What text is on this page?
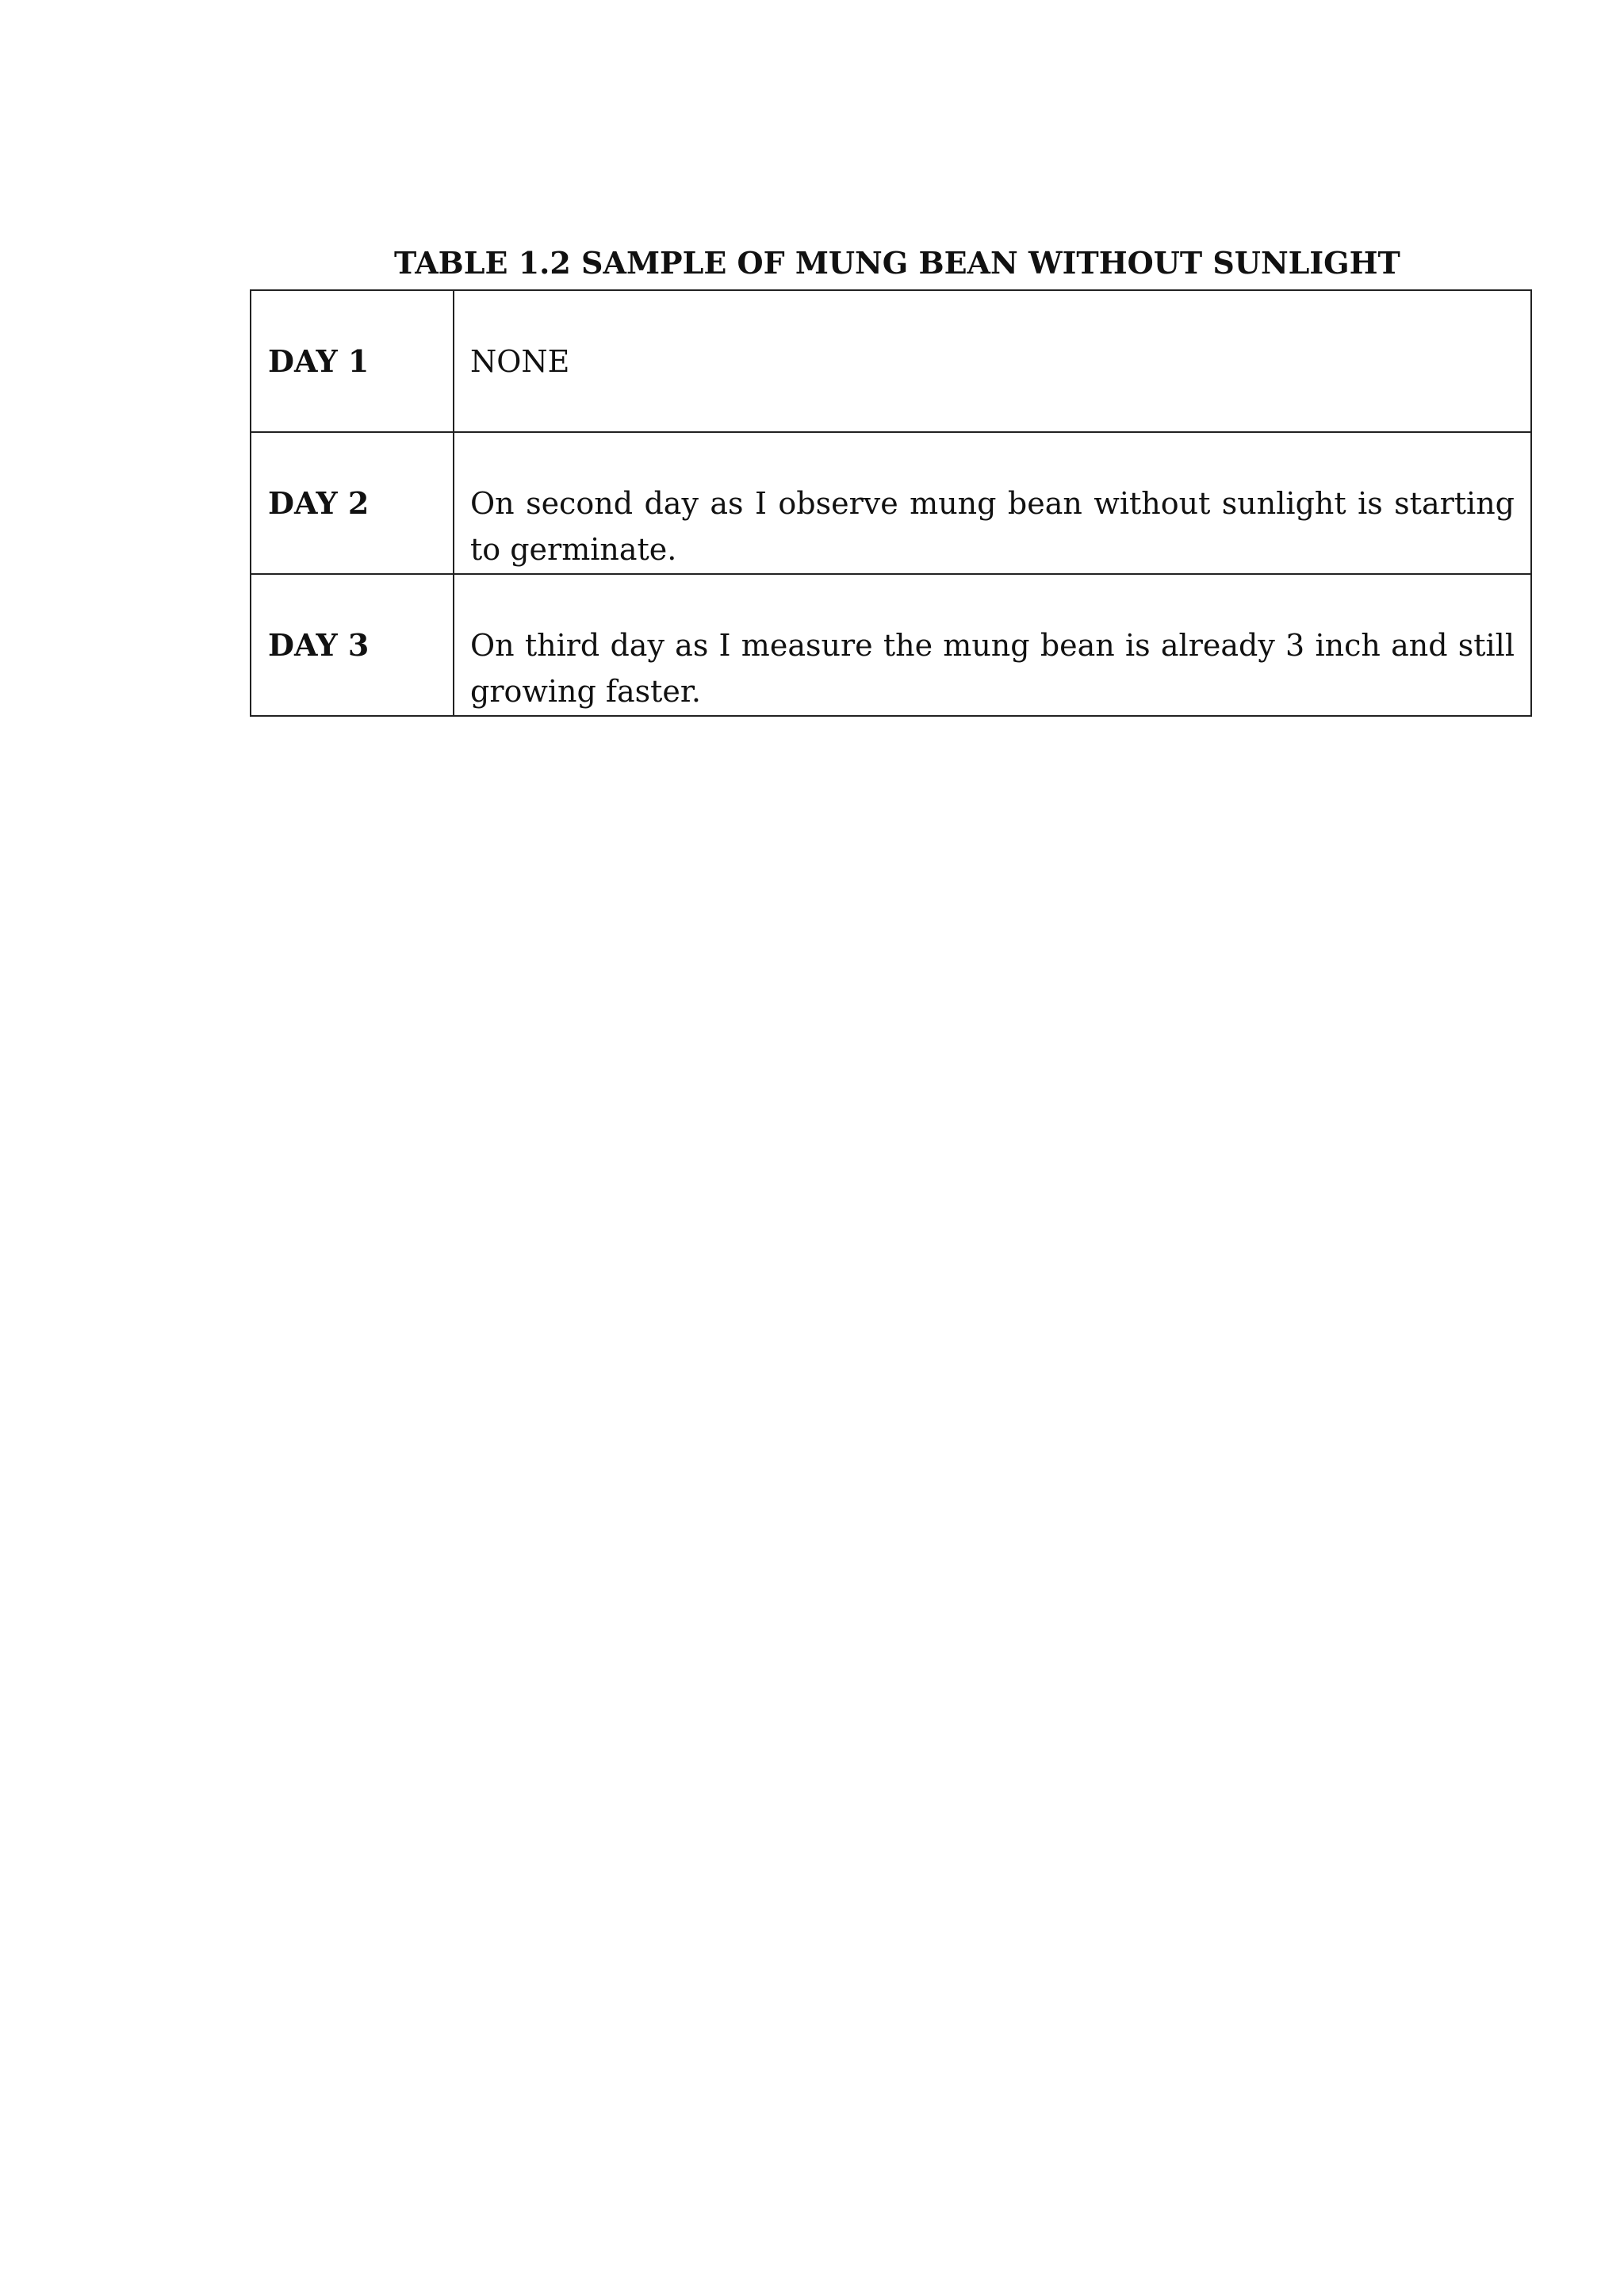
TABLE 1.2 SAMPLE OF MUNG BEAN WITHOUT SUNLIGHT
DAY 1	NONE

DAY 2	On second day as I observe mung bean without sunlight is starting to germinate.

DAY 3	On third day as I measure the mung bean is already 3 inch and still growing faster.
